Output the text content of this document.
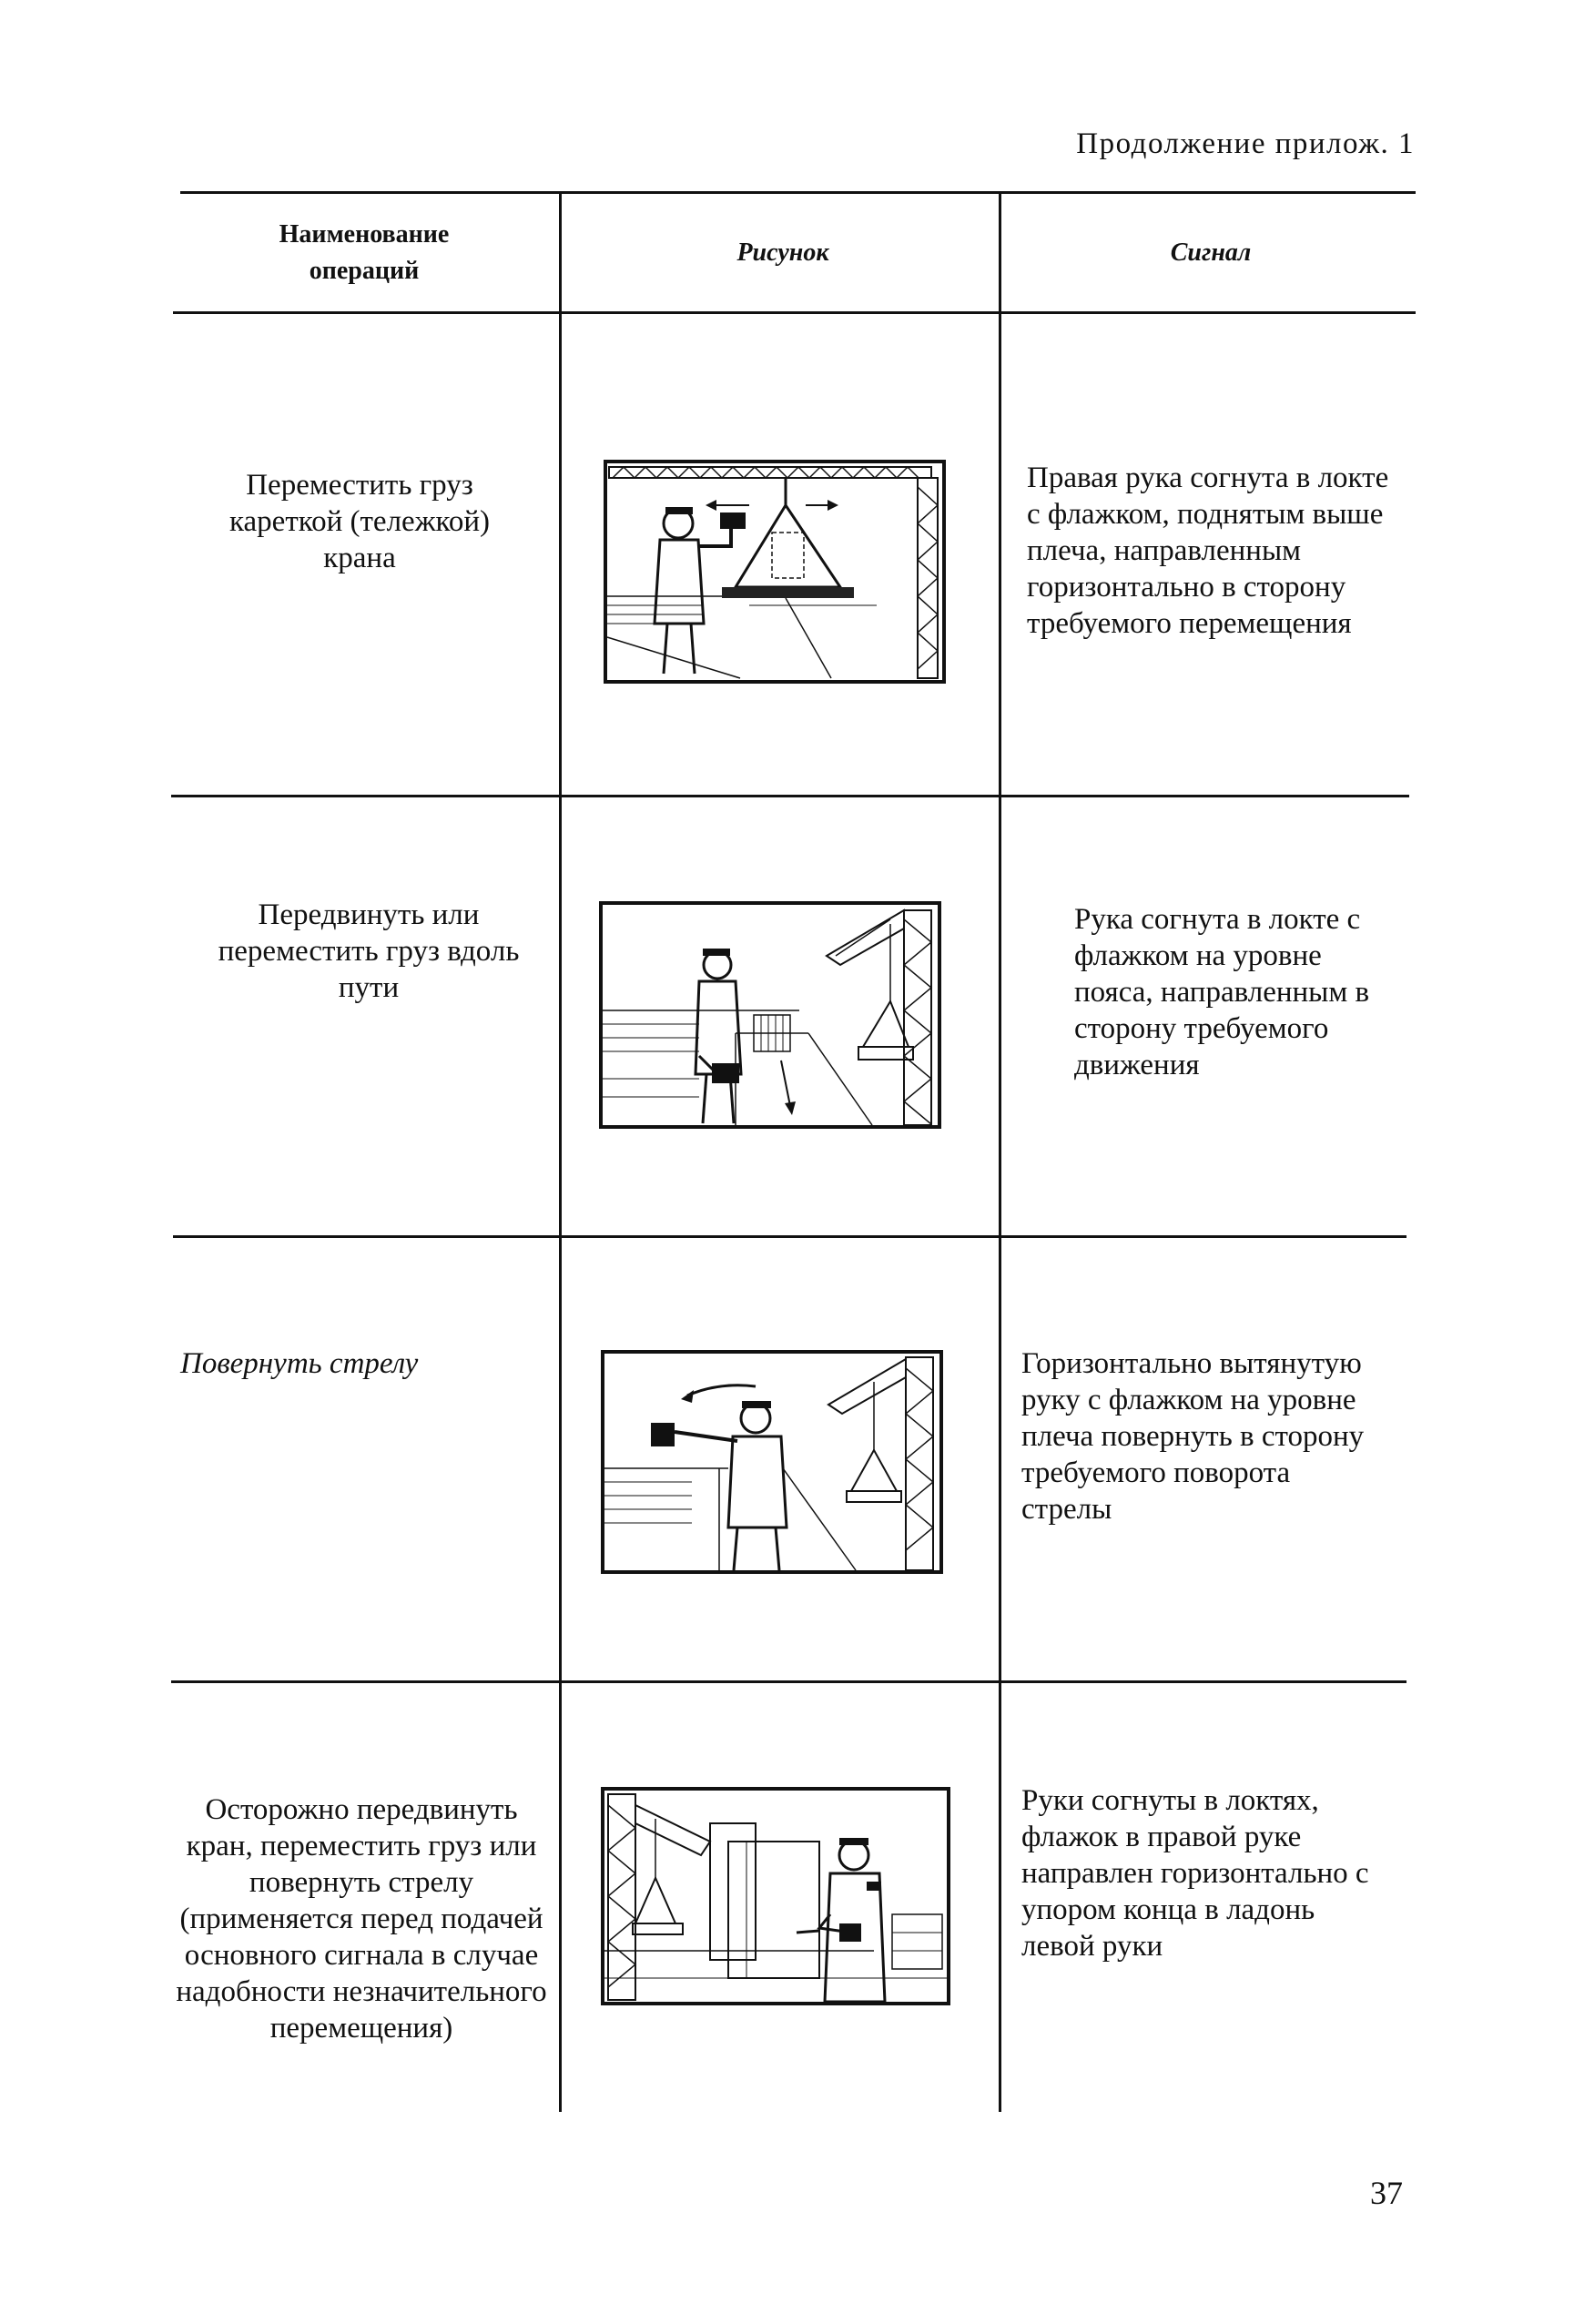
Продолжение прилож. 1
Наименование операций
Рисунок	Сигнал
Переместить груз кареткой (тележкой) крана
Правая рука согнута в локте с флажком, поднятым выше плеча, направленным горизонтально в сторону требуемого перемещения
Передвинуть или переместить груз вдоль пути
Рука согнута в локте с флажком на уровне пояса, направленным в сторону требуемого движения
Повернуть стрелу	Горизонтально вытянутую руку с флажком на уровне плеча повернуть в сторону требуемого поворота стрелы
Осторожно передвинуть кран, переместить груз или повернуть стрелу (применяется перед подачей основного сигнала в случае надобности незначительного перемещения)
Руки согнуты в локтях, флажок в правой руке направлен горизонтально с упором конца в ладонь левой руки
37
